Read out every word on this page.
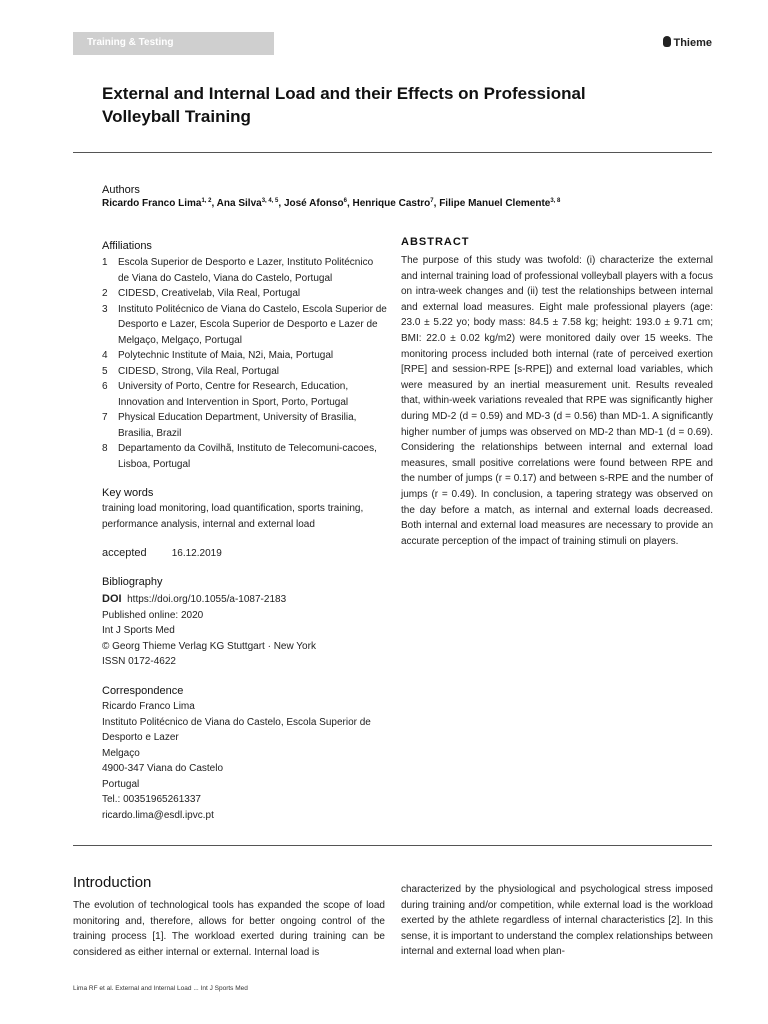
Training & Testing	Thieme
External and Internal Load and their Effects on Professional
Volleyball Training
Authors
Ricardo Franco Lima$^{1, 2}$, Ana Silva$^{3, 4, 5}$, José Afonso$^6$, Henrique Castro$^7$, Filipe Manuel Clemente$^{3, 8}$
Affiliations
1	Escola Superior de Desporto e Lazer, Instituto Politécnico de Viana do Castelo, Viana do Castelo, Portugal
2	CIDESD, Creativelab, Vila Real, Portugal
3	Instituto Politécnico de Viana do Castelo, Escola Superior de Desporto e Lazer, Escola Superior de Desporto e Lazer de Melgaço, Melgaço, Portugal
4	Polytechnic Institute of Maia, N2i, Maia, Portugal
5	CIDESD, Strong, Vila Real, Portugal
6	University of Porto, Centre for Research, Education, Innovation and Intervention in Sport, Porto, Portugal
7	Physical Education Department, University of Brasilia, Brasilia, Brazil
8	Departamento da Covilhã, Instituto de Telecomuni-cacoes, Lisboa, Portugal
Key words
training load monitoring, load quantification, sports training, performance analysis, internal and external load
accepted	16.12.2019
Bibliography
DOI https://doi.org/10.1055/a-1087-2183
Published online: 2020
Int J Sports Med
© Georg Thieme Verlag KG Stuttgart · New York
ISSN 0172-4622
Correspondence
Ricardo Franco Lima
Instituto Politécnico de Viana do Castelo, Escola Superior de Desporto e Lazer
Melgaço
4900-347 Viana do Castelo
Portugal
Tel.: 00351965261337
ricardo.lima@esdl.ipvc.pt
ABSTRACT
The purpose of this study was twofold: (i) characterize the external and internal training load of professional volleyball players with a focus on intra-week changes and (ii) test the relationships between internal and external load measures. Eight male professional players (age: 23.0 ± 5.22 yo; body mass: 84.5 ± 7.58 kg; height: 193.0 ± 9.71 cm; BMI: 22.0 ± 0.02 kg/m2) were monitored daily over 15 weeks. The monitoring process included both internal (rate of perceived exertion [RPE] and session-RPE [s-RPE]) and external load variables, which were measured by an inertial measurement unit. Results revealed that, within-week variations revealed that RPE was significantly higher during MD-2 (d = 0.59) and MD-3 (d = 0.56) than MD-1. A significantly higher number of jumps was observed on MD-2 than MD-1 (d = 0.69). Considering the relationships between internal and external load measures, small positive correlations were found between RPE and the number of jumps (r = 0.17) and between s-RPE and the number of jumps (r = 0.49). In conclusion, a tapering strategy was observed on the day before a match, as internal and external loads decreased. Both internal and external load measures are necessary to provide an accurate perception of the impact of training stimuli on players.
Introduction
The evolution of technological tools has expanded the scope of load monitoring and, therefore, allows for better ongoing control of the training process [1]. The workload exerted during training can be considered as either internal or external. Internal load is
characterized by the physiological and psychological stress imposed during training and/or competition, while external load is the workload exerted by the athlete regardless of internal characteristics [2]. In this sense, it is important to understand the complex relationships between internal and external load when plan-
Lima RF et al. External and Internal Load ... Int J Sports Med
